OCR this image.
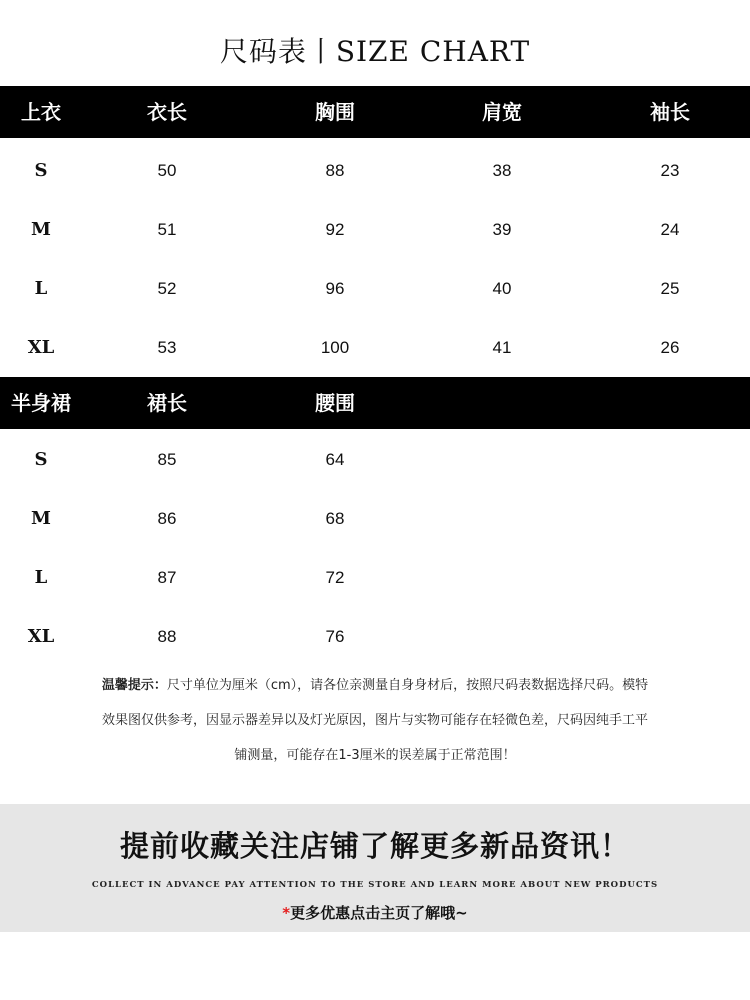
尺码表丨SIZE CHART
上衣	衣长	胸围	肩宽	袖长
S	50	88	38	23
M	51	92	39	24
L	52	96	40	25
XL	53	100	41	26
半身裙	裙长	腰围
S	85	64
M	86	68
L	87	72
XL	88	76
温馨提示：尺寸单位为厘米（cm），请各位亲测量自身身材后，按照尺码表数据选择尺码。模特
效果图仅供参考，因显示器差异以及灯光原因，图片与实物可能存在轻微色差，尺码因纯手工平
铺测量，可能存在1-3厘米的误差属于正常范围！
提前收藏关注店铺了解更多新品资讯！
COLLECT IN ADVANCE PAY ATTENTION TO THE STORE AND LEARN MORE ABOUT NEW PRODUCTS
*更多优惠点击主页了解哦~
